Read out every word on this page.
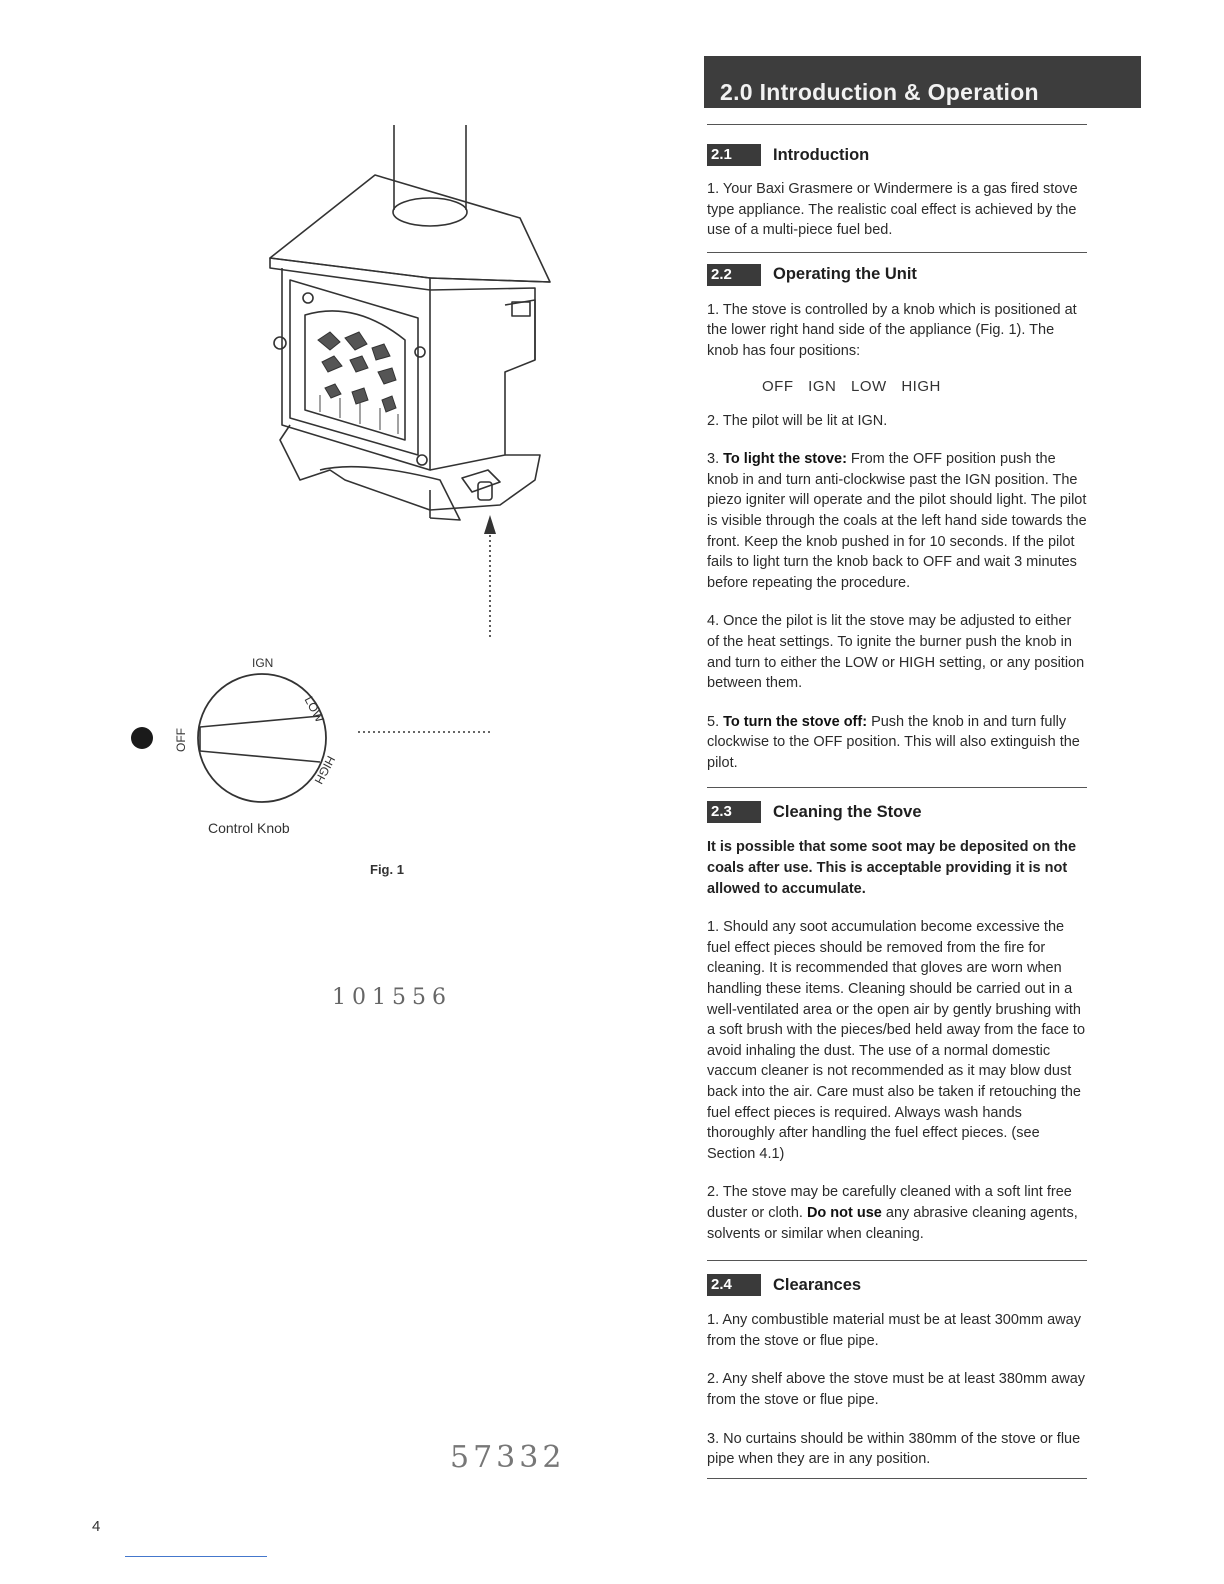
IGN
LOW
HIGH
OFF
Control Knob
Fig. 1
101556
57332
4
2.0 Introduction & Operation
2.1	Introduction

1. Your Baxi Grasmere or Windermere is a gas fired stove type appliance. The realistic coal effect is achieved by the use of a multi-piece fuel bed.

2.2	Operating the Unit

1. The stove is controlled by a knob which is positioned at the lower right hand side of the appliance (Fig. 1). The knob has four positions:

OFF IGN LOW HIGH

2. The pilot will be lit at IGN.

3. To light the stove: From the OFF position push the knob in and turn anti-clockwise past the IGN position. The piezo igniter will operate and the pilot should light. The pilot is visible through the coals at the left hand side towards the front. Keep the knob pushed in for 10 seconds. If the pilot fails to light turn the knob back to OFF and wait 3 minutes before repeating the procedure.

4. Once the pilot is lit the stove may be adjusted to either of the heat settings. To ignite the burner push the knob in and turn to either the LOW or HIGH setting, or any position between them.

5. To turn the stove off: Push the knob in and turn fully clockwise to the OFF position. This will also extinguish the pilot.

2.3	Cleaning the Stove

It is possible that some soot may be deposited on the coals after use. This is acceptable providing it is not allowed to accumulate.

1. Should any soot accumulation become excessive the fuel effect pieces should be removed from the fire for cleaning. It is recommended that gloves are worn when handling these items. Cleaning should be carried out in a well-ventilated area or the open air by gently brushing with a soft brush with the pieces/bed held away from the face to avoid inhaling the dust. The use of a normal domestic vaccum cleaner is not recommended as it may blow dust back into the air. Care must also be taken if retouching the fuel effect pieces is required. Always wash hands thoroughly after handling the fuel effect pieces. (see Section 4.1)

2. The stove may be carefully cleaned with a soft lint free duster or cloth. Do not use any abrasive cleaning agents, solvents or similar when cleaning.

2.4	Clearances

1. Any combustible material must be at least 300mm away from the stove or flue pipe.

2. Any shelf above the stove must be at least 380mm away from the stove or flue pipe.

3. No curtains should be within 380mm of the stove or flue pipe when they are in any position.
